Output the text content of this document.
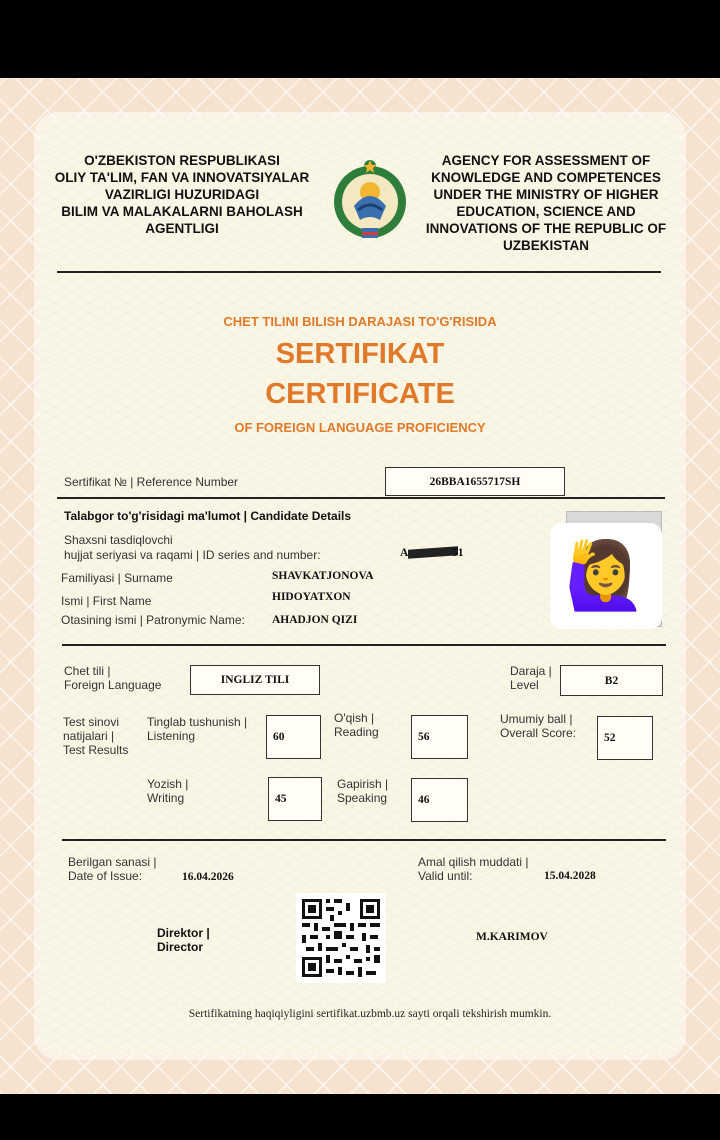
O'ZBEKISTON RESPUBLIKASI
OLIY TA'LIM, FAN VA INNOVATSIYALAR
VAZIRLIGI HUZURIDAGI
BILIM VA MALAKALARNI BAHOLASH
AGENTLIGI
AGENCY FOR ASSESSMENT OF
KNOWLEDGE AND COMPETENCES
UNDER THE MINISTRY OF HIGHER
EDUCATION, SCIENCE AND
INNOVATIONS OF THE REPUBLIC OF
UZBEKISTAN
CHET TILINI BILISH DARAJASI TO'G'RISIDA
SERTIFIKAT
CERTIFICATE
OF FOREIGN LANGUAGE PROFICIENCY
Sertifikat № | Reference Number	26BBA1655717SH
Talabgor to'g'risidagi ma'lumot | Candidate Details
Shaxsni tasdiqlovchi
hujjat seriyasi va raqami | ID series and number:	A	51
Familiyasi | Surname	SHAVKATJONOVA
Ismi | First Name	HIDOYATXON
Otasining ismi | Patronymic Name: AHADJON QIZI
🙋‍♀️
Chet tili |
Foreign Language	INGLIZ TILI
Daraja |
Level	B2
Test sinovi
natijalari |
Test Results
Tinglab tushunish |
Listening	60
O'qish |
Reading	56
Umumiy ball |
Overall Score: 52
Yozish |
Writing	45
Gapirish |
Speaking	46
Berilgan sanasi |
Date of Issue:	16.04.2026
Amal qilish muddati |
Valid until:	15.04.2028
Direktor |
Director
M.KARIMOV
Sertifikatning haqiqiyligini sertifikat.uzbmb.uz sayti orqali tekshirish mumkin.
